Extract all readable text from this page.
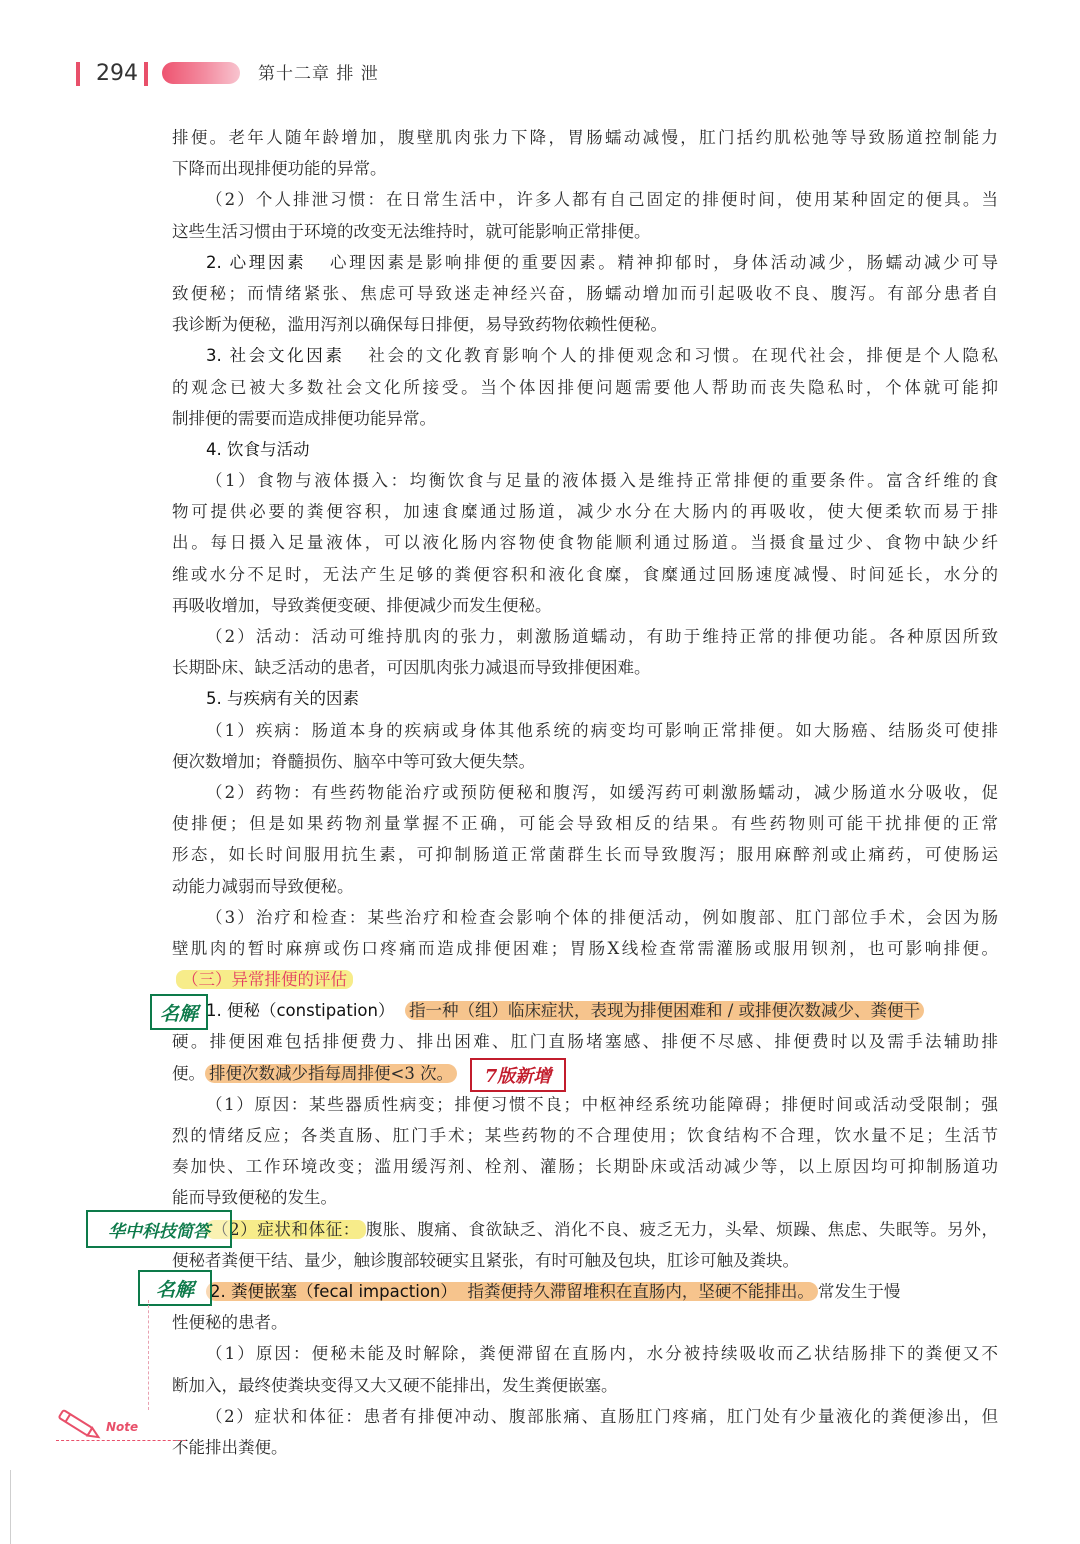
294	第十二章 排 泄
排便。老年人随年龄增加，腹壁肌肉张力下降，胃肠蠕动减慢，肛门括约肌松弛等导致肠道控制能力
下降而出现排便功能的异常。
（2）个人排泄习惯：在日常生活中，许多人都有自己固定的排便时间，使用某种固定的便具。当
这些生活习惯由于环境的改变无法维持时，就可能影响正常排便。
2. 心理因素 心理因素是影响排便的重要因素。精神抑郁时，身体活动减少，肠蠕动减少可导
致便秘；而情绪紧张、焦虑可导致迷走神经兴奋，肠蠕动增加而引起吸收不良、腹泻。有部分患者自
我诊断为便秘，滥用泻剂以确保每日排便，易导致药物依赖性便秘。
3. 社会文化因素 社会的文化教育影响个人的排便观念和习惯。在现代社会，排便是个人隐私
的观念已被大多数社会文化所接受。当个体因排便问题需要他人帮助而丧失隐私时，个体就可能抑
制排便的需要而造成排便功能异常。
4. 饮食与活动
（1）食物与液体摄入：均衡饮食与足量的液体摄入是维持正常排便的重要条件。富含纤维的食
物可提供必要的粪便容积，加速食糜通过肠道，减少水分在大肠内的再吸收，使大便柔软而易于排
出。每日摄入足量液体，可以液化肠内容物使食物能顺利通过肠道。当摄食量过少、食物中缺少纤
维或水分不足时，无法产生足够的粪便容积和液化食糜，食糜通过回肠速度减慢、时间延长，水分的
再吸收增加，导致粪便变硬、排便减少而发生便秘。
（2）活动：活动可维持肌肉的张力，刺激肠道蠕动，有助于维持正常的排便功能。各种原因所致
长期卧床、缺乏活动的患者，可因肌肉张力减退而导致排便困难。
5. 与疾病有关的因素
（1）疾病：肠道本身的疾病或身体其他系统的病变均可影响正常排便。如大肠癌、结肠炎可使排
便次数增加；脊髓损伤、脑卒中等可致大便失禁。
（2）药物：有些药物能治疗或预防便秘和腹泻，如缓泻药可刺激肠蠕动，减少肠道水分吸收，促
使排便；但是如果药物剂量掌握不正确，可能会导致相反的结果。有些药物则可能干扰排便的正常
形态，如长时间服用抗生素，可抑制肠道正常菌群生长而导致腹泻；服用麻醉剂或止痛药，可使肠运
动能力减弱而导致便秘。
（3）治疗和检查：某些治疗和检查会影响个体的排便活动，例如腹部、肛门部位手术，会因为肠
壁肌肉的暂时麻痹或伤口疼痛而造成排便困难；胃肠X线检查常需灌肠或服用钡剂，也可影响排便。
（三）异常排便的评估
1. 便秘（constipation） 指一种（组）临床症状，表现为排便困难和 / 或排便次数减少、粪便干
硬。排便困难包括排便费力、排出困难、肛门直肠堵塞感、排便不尽感、排便费时以及需手法辅助排
便。 排便次数减少指每周排便<3 次。
（1）原因：某些器质性病变；排便习惯不良；中枢神经系统功能障碍；排便时间或活动受限制；强
烈的情绪反应；各类直肠、肛门手术；某些药物的不合理使用；饮食结构不合理，饮水量不足；生活节
奏加快、工作环境改变；滥用缓泻剂、栓剂、灌肠；长期卧床或活动减少等，以上原因均可抑制肠道功
能而导致便秘的发生。
（2）症状和体征： 腹胀、腹痛、食欲缺乏、消化不良、疲乏无力，头晕、烦躁、焦虑、失眠等。另外，
便秘者粪便干结、量少，触诊腹部较硬实且紧张，有时可触及包块，肛诊可触及粪块。
2. 粪便嵌塞（fecal impaction） 指粪便持久滞留堆积在直肠内，坚硬不能排出。 常发生于慢
性便秘的患者。
（1）原因：便秘未能及时解除，粪便滞留在直肠内，水分被持续吸收而乙状结肠排下的粪便又不
断加入，最终使粪块变得又大又硬不能排出，发生粪便嵌塞。
（2）症状和体征：患者有排便冲动、腹部胀痛、直肠肛门疼痛，肛门处有少量液化的粪便渗出，但
不能排出粪便。
名解
7版新增
华中科技简答
名解
Note
